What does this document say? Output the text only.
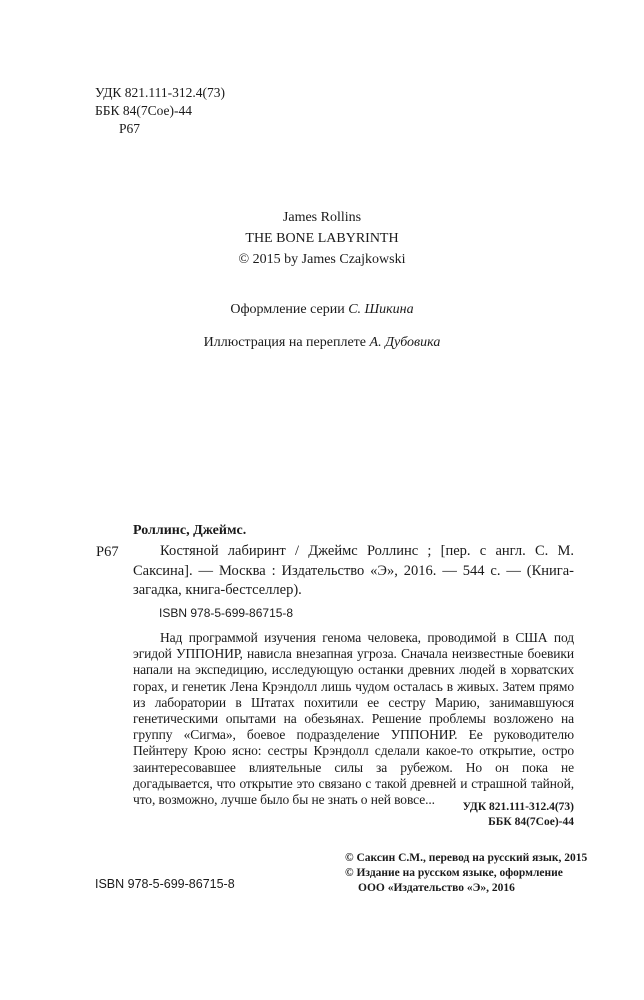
УДК 821.111-312.4(73)
ББК 84(7Сое)-44
Р67
James Rollins
THE BONE LABYRINTH
© 2015 by James Czajkowski
Оформление серии С. Шикина
Иллюстрация на переплете А. Дубовика
Роллинс, Джеймс.
Р67	Костяной лабиринт / Джеймс Роллинс ; [пер. с англ. С. М. Саксина]. — Москва : Издательство «Э», 2016. — 544 с. — (Книга-загадка, книга-бестселлер).
ISBN 978-5-699-86715-8
Над программой изучения генома человека, проводимой в США под эгидой УППОНИР, нависла внезапная угроза. Сначала неизвестные боевики напали на экспедицию, исследующую останки древних людей в хорватских горах, и генетик Лена Крэндолл лишь чудом осталась в живых. Затем прямо из лаборатории в Штатах похитили ее сестру Марию, занимавшуюся генетическими опытами на обезьянах. Решение проблемы возложено на группу «Сигма», боевое подразделение УППОНИР. Ее руководителю Пейнтеру Крою ясно: сестры Крэндолл сделали какое-то открытие, остро заинтересовавшее влиятельные силы за рубежом. Но он пока не догадывается, что открытие это связано с такой древней и страшной тайной, что, возможно, лучше было бы не знать о ней вовсе...	УДК 821.111-312.4(73)
ББК 84(7Сое)-44
© Саксин С.М., перевод на русский язык, 2015
© Издание на русском языке, оформление
ООО «Издательство «Э», 2016
ISBN 978-5-699-86715-8
